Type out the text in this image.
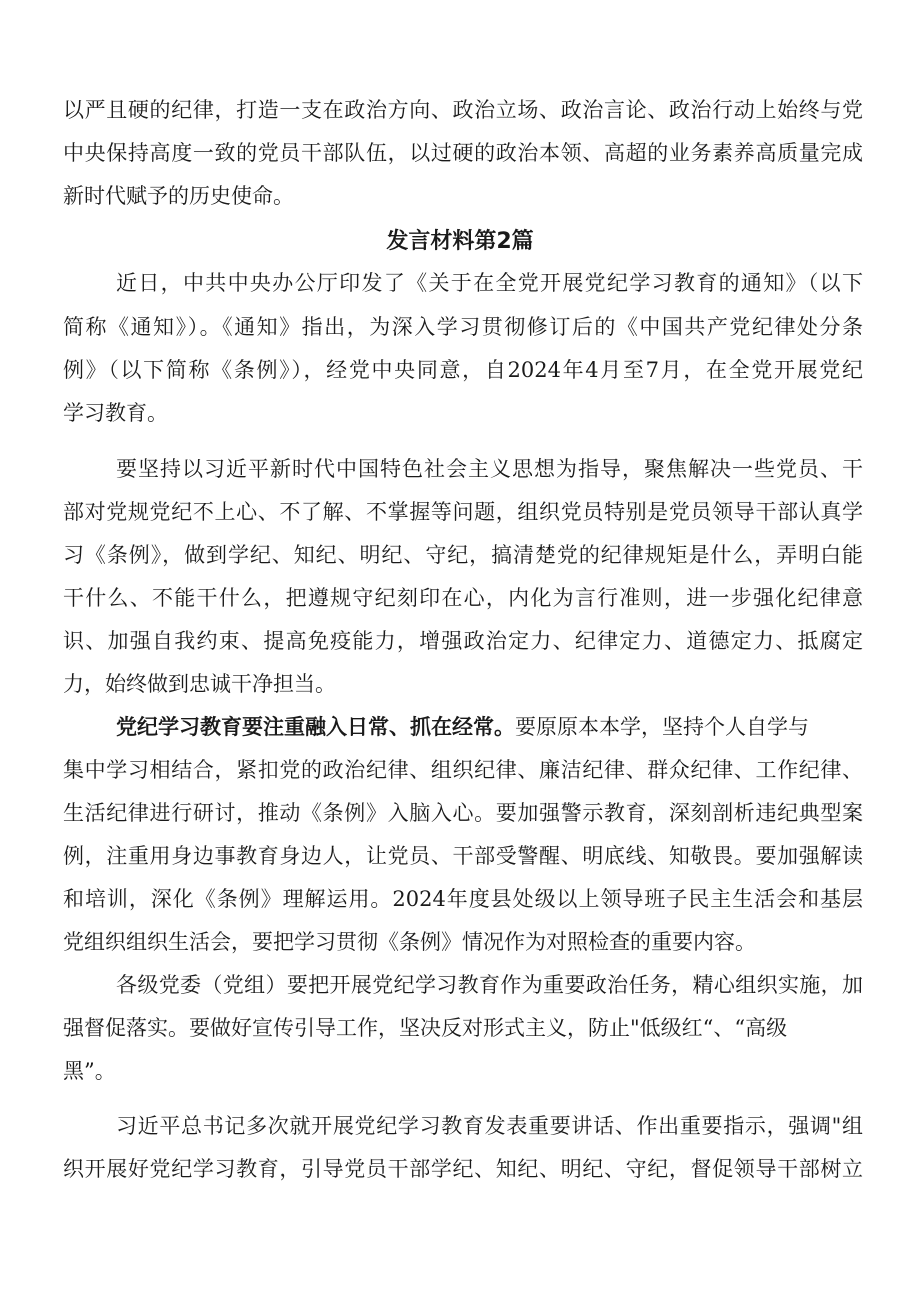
以严且硬的纪律，打造一支在政治方向、政治立场、政治言论、政治行动上始终与党
中央保持高度一致的党员干部队伍，以过硬的政治本领、高超的业务素养高质量完成
新时代赋予的历史使命。
发言材料第2篇
近日，中共中央办公厅印发了《关于在全党开展党纪学习教育的通知》（以下
简称《通知》）。《通知》指出，为深入学习贯彻修订后的《中国共产党纪律处分条
例》（以下简称《条例》），经党中央同意，自2024年4月至7月，在全党开展党纪
学习教育。
要坚持以习近平新时代中国特色社会主义思想为指导，聚焦解决一些党员、干
部对党规党纪不上心、不了解、不掌握等问题，组织党员特别是党员领导干部认真学
习《条例》，做到学纪、知纪、明纪、守纪，搞清楚党的纪律规矩是什么，弄明白能
干什么、不能干什么，把遵规守纪刻印在心，内化为言行准则，进一步强化纪律意
识、加强自我约束、提高免疫能力，增强政治定力、纪律定力、道德定力、抵腐定
力，始终做到忠诚干净担当。
党纪学习教育要注重融入日常、抓在经常。要原原本本学，坚持个人自学与
集中学习相结合，紧扣党的政治纪律、组织纪律、廉洁纪律、群众纪律、工作纪律、
生活纪律进行研讨，推动《条例》入脑入心。要加强警示教育，深刻剖析违纪典型案
例，注重用身边事教育身边人，让党员、干部受警醒、明底线、知敬畏。要加强解读
和培训，深化《条例》理解运用。2024年度县处级以上领导班子民主生活会和基层
党组织组织生活会，要把学习贯彻《条例》情况作为对照检查的重要内容。
各级党委（党组）要把开展党纪学习教育作为重要政治任务，精心组织实施，加
强督促落实。要做好宣传引导工作，坚决反对形式主义，防止"低级红“、“高级
黑”。
习近平总书记多次就开展党纪学习教育发表重要讲话、作出重要指示，强调"组
织开展好党纪学习教育，引导党员干部学纪、知纪、明纪、守纪，督促领导干部树立
